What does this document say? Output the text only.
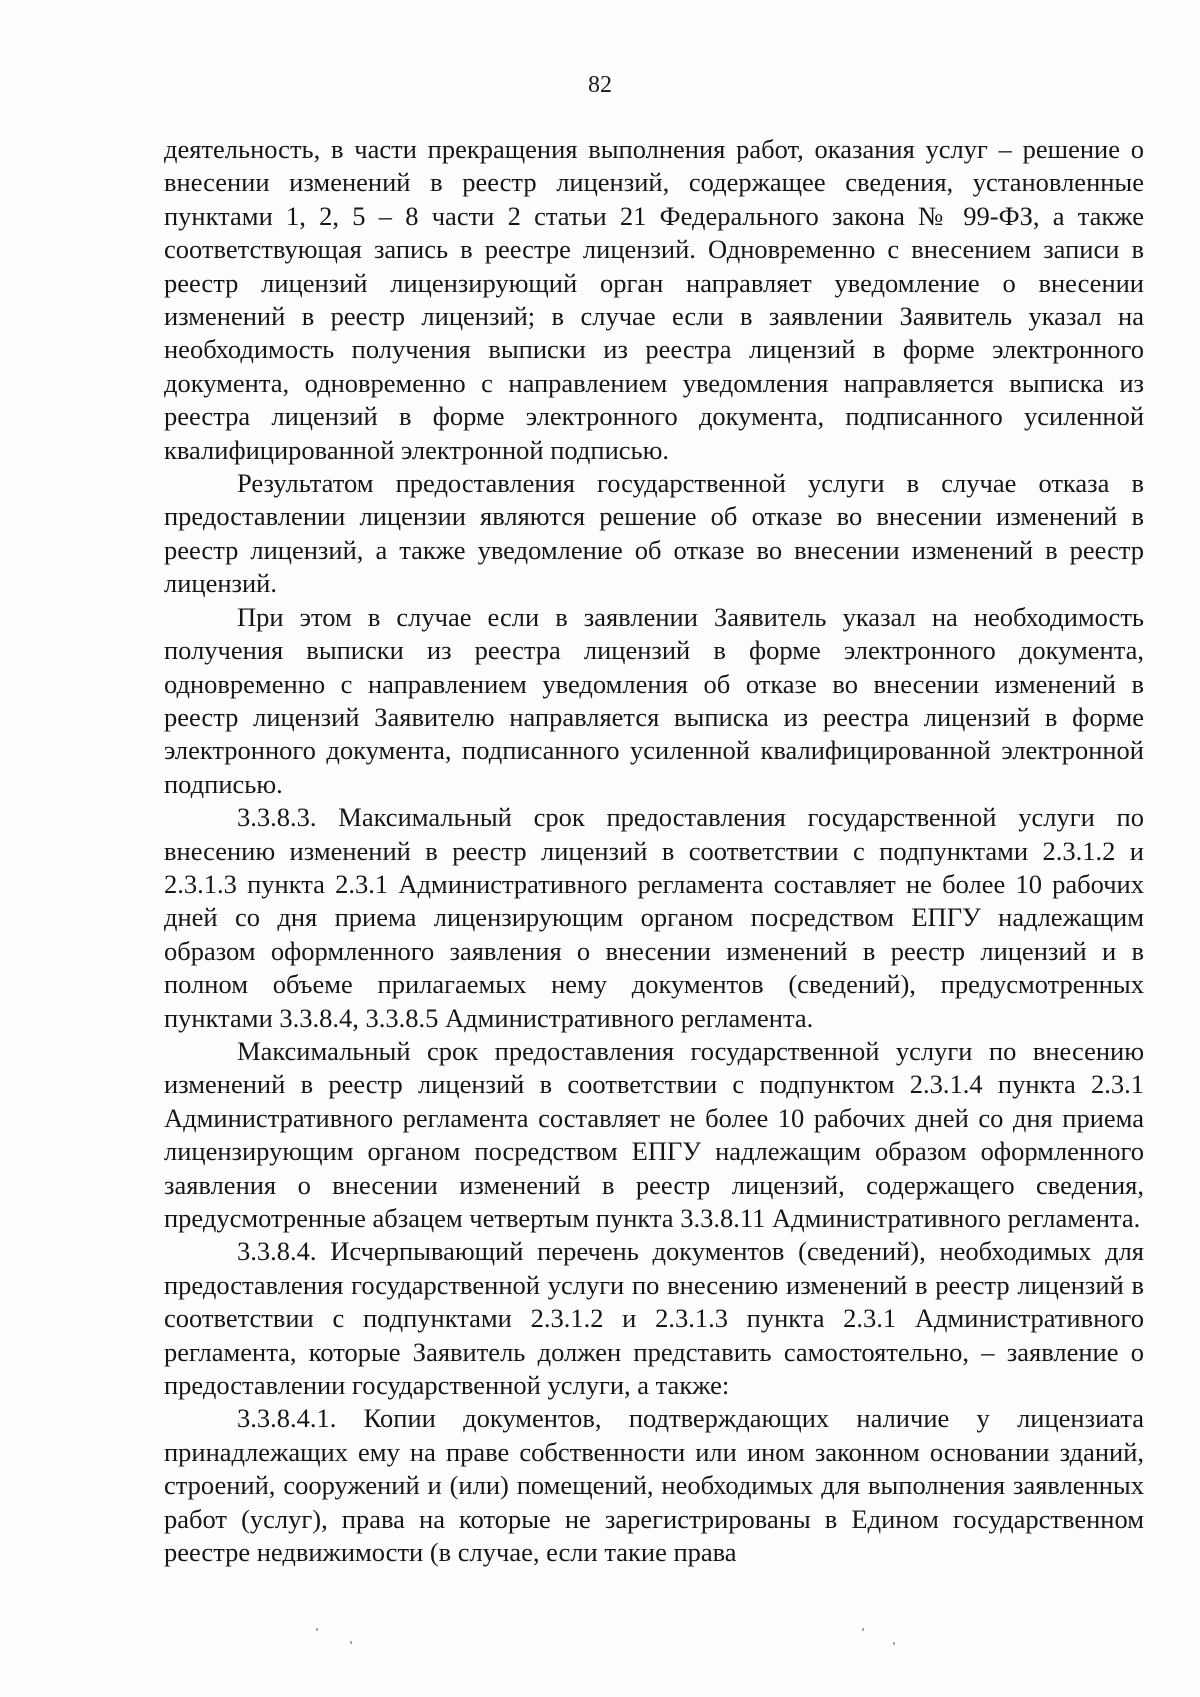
82

деятельность, в части прекращения выполнения работ, оказания услуг – решение о внесении изменений в реестр лицензий, содержащее сведения, установленные пунктами 1, 2, 5 – 8 части 2 статьи 21 Федерального закона № 99-ФЗ, а также соответствующая запись в реестре лицензий. Одновременно с внесением записи в реестр лицензий лицензирующий орган направляет уведомление о внесении изменений в реестр лицензий; в случае если в заявлении Заявитель указал на необходимость получения выписки из реестра лицензий в форме электронного документа, одновременно с направлением уведомления направляется выписка из реестра лицензий в форме электронного документа, подписанного усиленной квалифицированной электронной подписью.

Результатом предоставления государственной услуги в случае отказа в предоставлении лицензии являются решение об отказе во внесении изменений в реестр лицензий, а также уведомление об отказе во внесении изменений в реестр лицензий.

При этом в случае если в заявлении Заявитель указал на необходимость получения выписки из реестра лицензий в форме электронного документа, одновременно с направлением уведомления об отказе во внесении изменений в реестр лицензий Заявителю направляется выписка из реестра лицензий в форме электронного документа, подписанного усиленной квалифицированной электронной подписью.

3.3.8.3. Максимальный срок предоставления государственной услуги по внесению изменений в реестр лицензий в соответствии с подпунктами 2.3.1.2 и 2.3.1.3 пункта 2.3.1 Административного регламента составляет не более 10 рабочих дней со дня приема лицензирующим органом посредством ЕПГУ надлежащим образом оформленного заявления о внесении изменений в реестр лицензий и в полном объеме прилагаемых нему документов (сведений), предусмотренных пунктами 3.3.8.4, 3.3.8.5 Административного регламента.

Максимальный срок предоставления государственной услуги по внесению изменений в реестр лицензий в соответствии с подпунктом 2.3.1.4 пункта 2.3.1 Административного регламента составляет не более 10 рабочих дней со дня приема лицензирующим органом посредством ЕПГУ надлежащим образом оформленного заявления о внесении изменений в реестр лицензий, содержащего сведения, предусмотренные абзацем четвертым пункта 3.3.8.11 Административного регламента.

3.3.8.4. Исчерпывающий перечень документов (сведений), необходимых для предоставления государственной услуги по внесению изменений в реестр лицензий в соответствии с подпунктами 2.3.1.2 и 2.3.1.3 пункта 2.3.1 Административного регламента, которые Заявитель должен представить самостоятельно, – заявление о предоставлении государственной услуги, а также:

3.3.8.4.1. Копии документов, подтверждающих наличие у лицензиата принадлежащих ему на праве собственности или ином законном основании зданий, строений, сооружений и (или) помещений, необходимых для выполнения заявленных работ (услуг), права на которые не зарегистрированы в Едином государственном реестре недвижимости (в случае, если такие права
